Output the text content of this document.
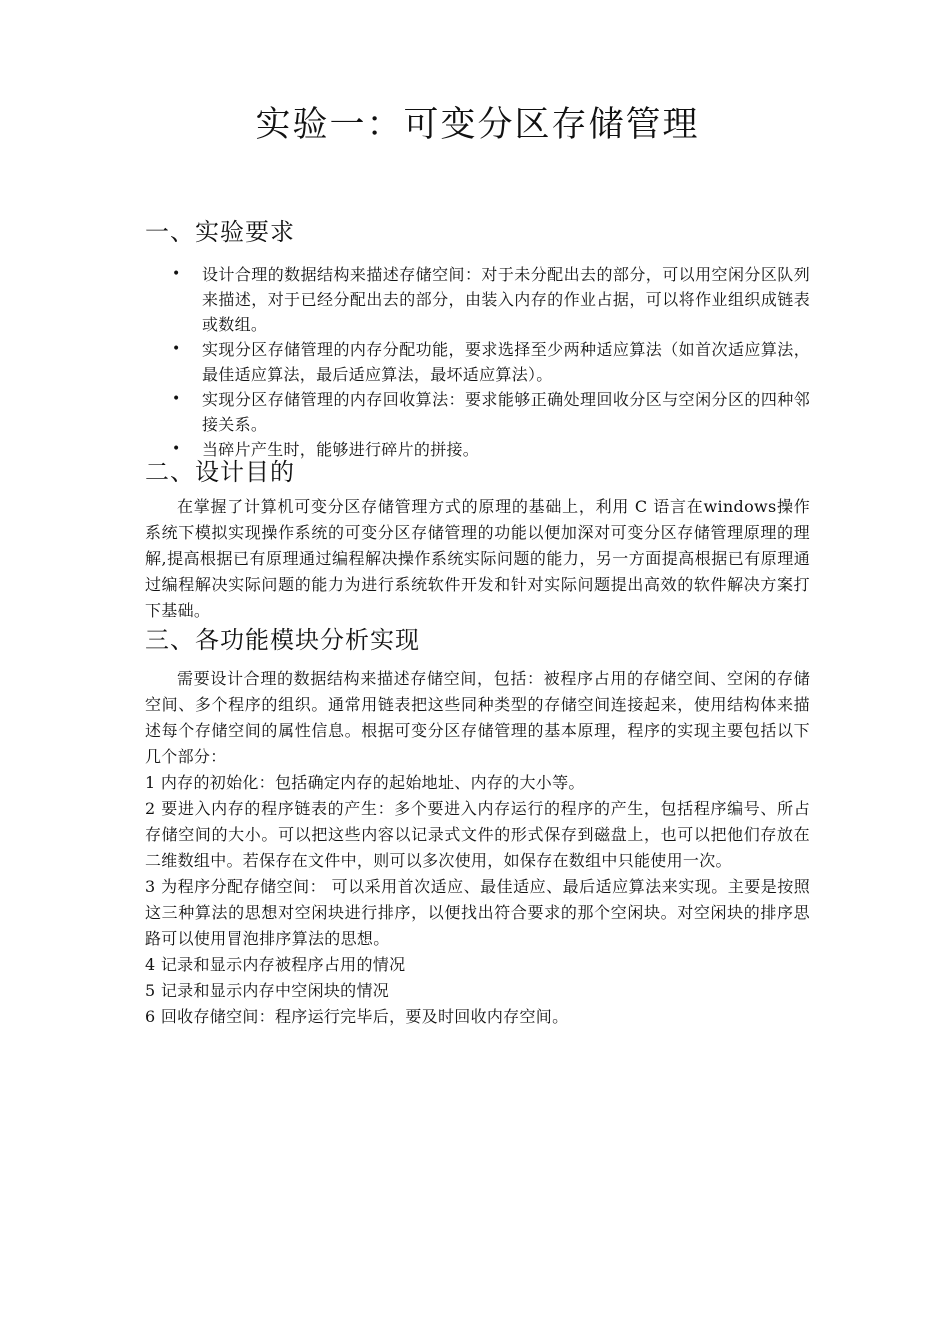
实验一：可变分区存储管理
一、实验要求
• 设计合理的数据结构来描述存储空间：对于未分配出去的部分，可以用空闲分区队列来描述，对于已经分配出去的部分，由装入内存的作业占据，可以将作业组织成链表或数组。
• 实现分区存储管理的内存分配功能，要求选择至少两种适应算法（如首次适应算法，最佳适应算法，最后适应算法，最坏适应算法）。
• 实现分区存储管理的内存回收算法：要求能够正确处理回收分区与空闲分区的四种邻接关系。
• 当碎片产生时，能够进行碎片的拼接。
二、设计目的

在掌握了计算机可变分区存储管理方式的原理的基础上，利用 C 语言在windows操作系统下模拟实现操作系统的可变分区存储管理的功能以便加深对可变分区存储管理原理的理解,提高根据已有原理通过编程解决操作系统实际问题的能力，另一方面提高根据已有原理通过编程解决实际问题的能力为进行系统软件开发和针对实际问题提出高效的软件解决方案打下基础。

三、各功能模块分析实现

需要设计合理的数据结构来描述存储空间，包括：被程序占用的存储空间、空闲的存储空间、多个程序的组织。通常用链表把这些同种类型的存储空间连接起来，使用结构体来描述每个存储空间的属性信息。根据可变分区存储管理的基本原理，程序的实现主要包括以下几个部分：

1 内存的初始化：包括确定内存的起始地址、内存的大小等。
2 要进入内存的程序链表的产生：多个要进入内存运行的程序的产生，包括程序编号、所占存储空间的大小。可以把这些内容以记录式文件的形式保存到磁盘上，也可以把他们存放在二维数组中。若保存在文件中，则可以多次使用，如保存在数组中只能使用一次。
3 为程序分配存储空间： 可以采用首次适应、最佳适应、最后适应算法来实现。主要是按照这三种算法的思想对空闲块进行排序，以便找出符合要求的那个空闲块。对空闲块的排序思路可以使用冒泡排序算法的思想。
4 记录和显示内存被程序占用的情况
5 记录和显示内存中空闲块的情况
6 回收存储空间：程序运行完毕后，要及时回收内存空间。
